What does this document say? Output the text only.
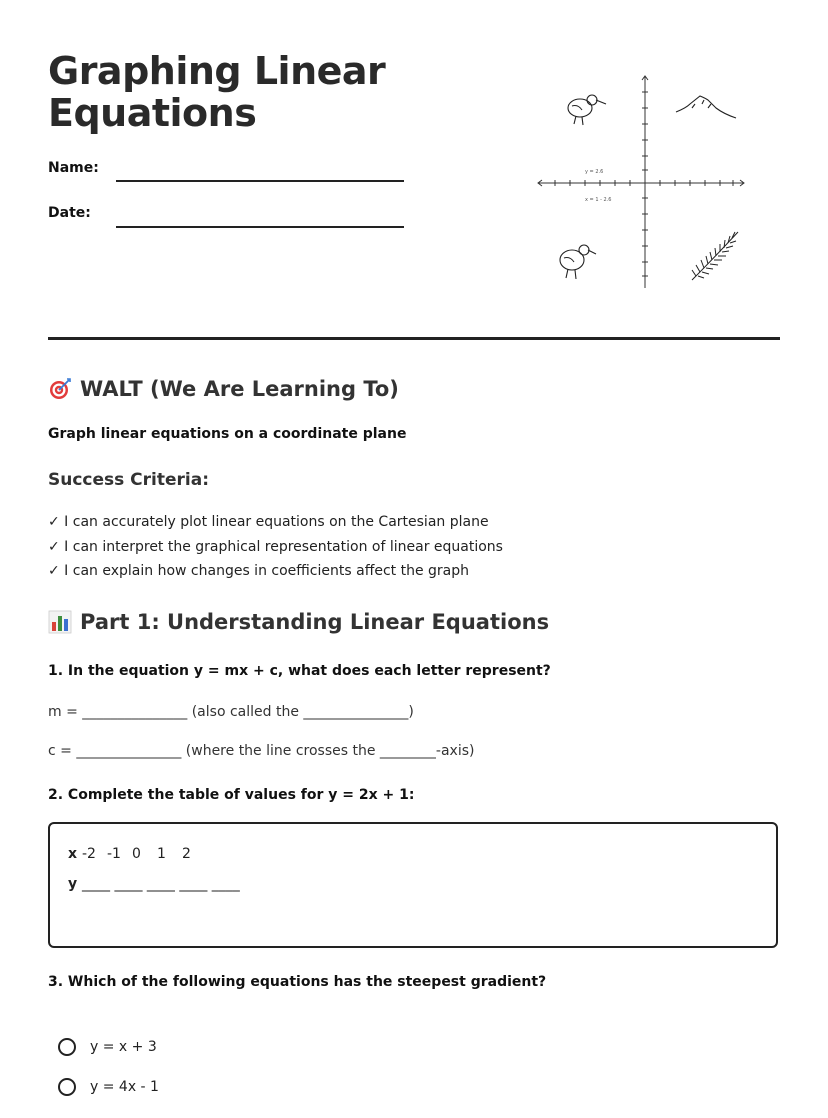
Graphing Linear Equations
Name:
Date:
y = 2.6
x = 1 - 2.6
WALT (We Are Learning To)
Graph linear equations on a coordinate plane
Success Criteria:
✓ I can accurately plot linear equations on the Cartesian plane
✓ I can interpret the graphical representation of linear equations
✓ I can explain how changes in coefficients affect the graph
Part 1: Understanding Linear Equations
1. In the equation y = mx + c, what does each letter represent?
m = _______________ (also called the _______________)
c = _______________ (where the line crosses the ________-axis)
2. Complete the table of values for y = 2x + 1:
x -2 -1 0	1	2
y ____ ____ ____ ____ ____
3. Which of the following equations has the steepest gradient?
y = x + 3
y = 4x - 1
